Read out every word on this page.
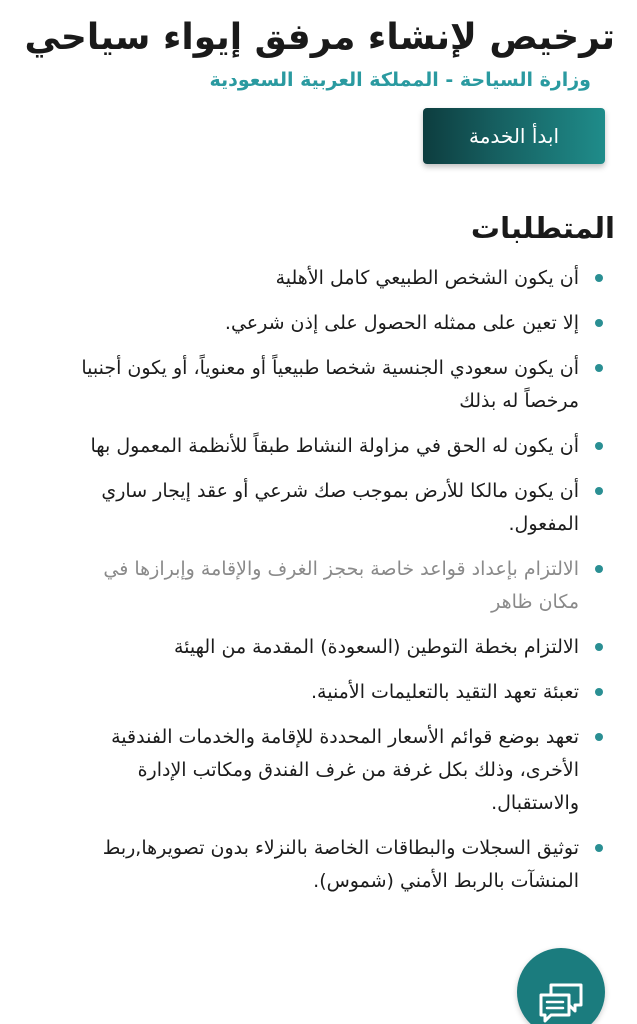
ترخيص لإنشاء مرفق إيواء سياحي
وزارة السياحة - المملكة العربية السعودية
ابدأ الخدمة
المتطلبات
أن يكون الشخص الطبيعي كامل الأهلية
إلا تعين على ممثله الحصول على إذن شرعي.
أن يكون سعودي الجنسية شخصا طبيعياً أو معنوياً، أو يكون أجنبيا مرخصاً له بذلك
أن يكون له الحق في مزاولة النشاط طبقاً للأنظمة المعمول بها
أن يكون مالكا للأرض بموجب صك شرعي أو عقد إيجار ساري المفعول.
الالتزام بإعداد قواعد خاصة بحجز الغرف والإقامة وإبرازها في مكان ظاهر
الالتزام بخطة التوطين (السعودة) المقدمة من الهيئة
تعبئة تعهد التقيد بالتعليمات الأمنية.
تعهد بوضع قوائم الأسعار المحددة للإقامة والخدمات الفندقية الأخرى، وذلك بكل غرفة من غرف الفندق ومكاتب الإدارة والاستقبال.
توثيق السجلات والبطاقات الخاصة بالنزلاء بدون تصويرها,ربط المنشآت بالربط الأمني (شموس).
